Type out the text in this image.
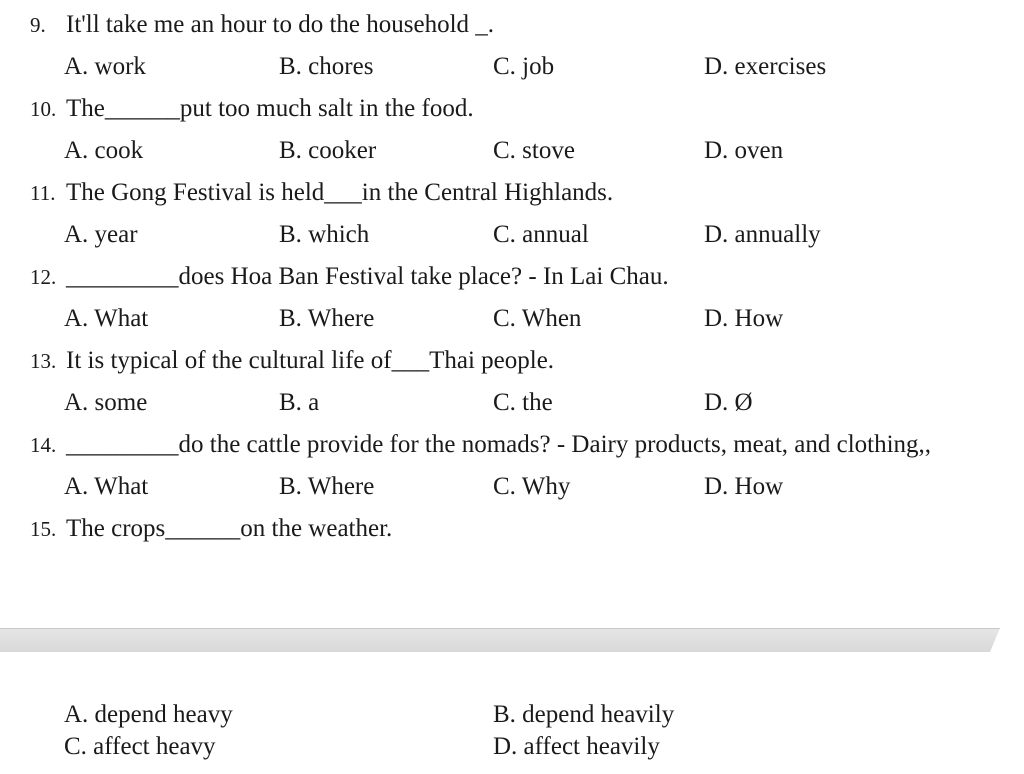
9. It'll take me an hour to do the household _.
A. work	B. chores	C. job	D. exercises
10. The______put too much salt in the food.
A. cook	B. cooker	C. stove	D. oven
11. The Gong Festival is held___in the Central Highlands.
A. year	B. which	C. annual	D. annually
12. _________does Hoa Ban Festival take place? - In Lai Chau.
A. What	B. Where	C. When	D. How
13. It is typical of the cultural life of___Thai people.
A. some	B. a	C. the	D. Ø
14. _________do the cattle provide for the nomads? - Dairy products, meat, and clothing,,
A. What	B. Where	C. Why	D. How
15. The crops______on the weather.
A. depend heavy	B. depend heavily
C. affect heavy	D. affect heavily
